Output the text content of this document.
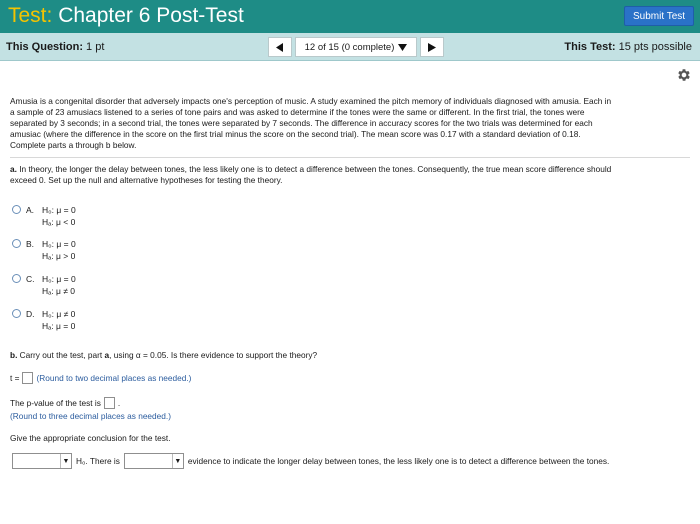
Test: Chapter 6 Post-Test	Submit Test
This Question: 1 pt	This Test: 15 pts possible
12 of 15 (0 complete)

Amusia is a congenital disorder that adversely impacts one's perception of music. A study examined the pitch memory of individuals diagnosed with amusia. Each in

a sample of 23 amusiacs listened to a series of tone pairs and was asked to determine if the tones were the same or different. In the first trial, the tones were

separated by 3 seconds; in a second trial, the tones were separated by 7 seconds. The difference in accuracy scores for the two trials was determined for each

amusiac (where the difference in the score on the first trial minus the score on the second trial). The mean score was 0.17 with a standard deviation of 0.18.

Complete parts a through b below.

a. In theory, the longer the delay between tones, the less likely one is to detect a difference between the tones. Consequently, the true mean score difference should

exceed 0. Set up the null and alternative hypotheses for testing the theory.

A. H₀: μ = 0
Hₐ: μ < 0
B. H₀: μ = 0
Hₐ: μ > 0
C. H₀: μ = 0
Hₐ: μ ≠ 0
D. H₀: μ ≠ 0
Hₐ: μ = 0
b. Carry out the test, part a, using α = 0.05. Is there evidence to support the theory?
t = (Round to two decimal places as needed.)
The p-value of the test is .
(Round to three decimal places as needed.)
Give the appropriate conclusion for the test.
▼ H₀. There is	▼ evidence to indicate the longer delay between tones, the less likely one is to detect a difference between the tones.
